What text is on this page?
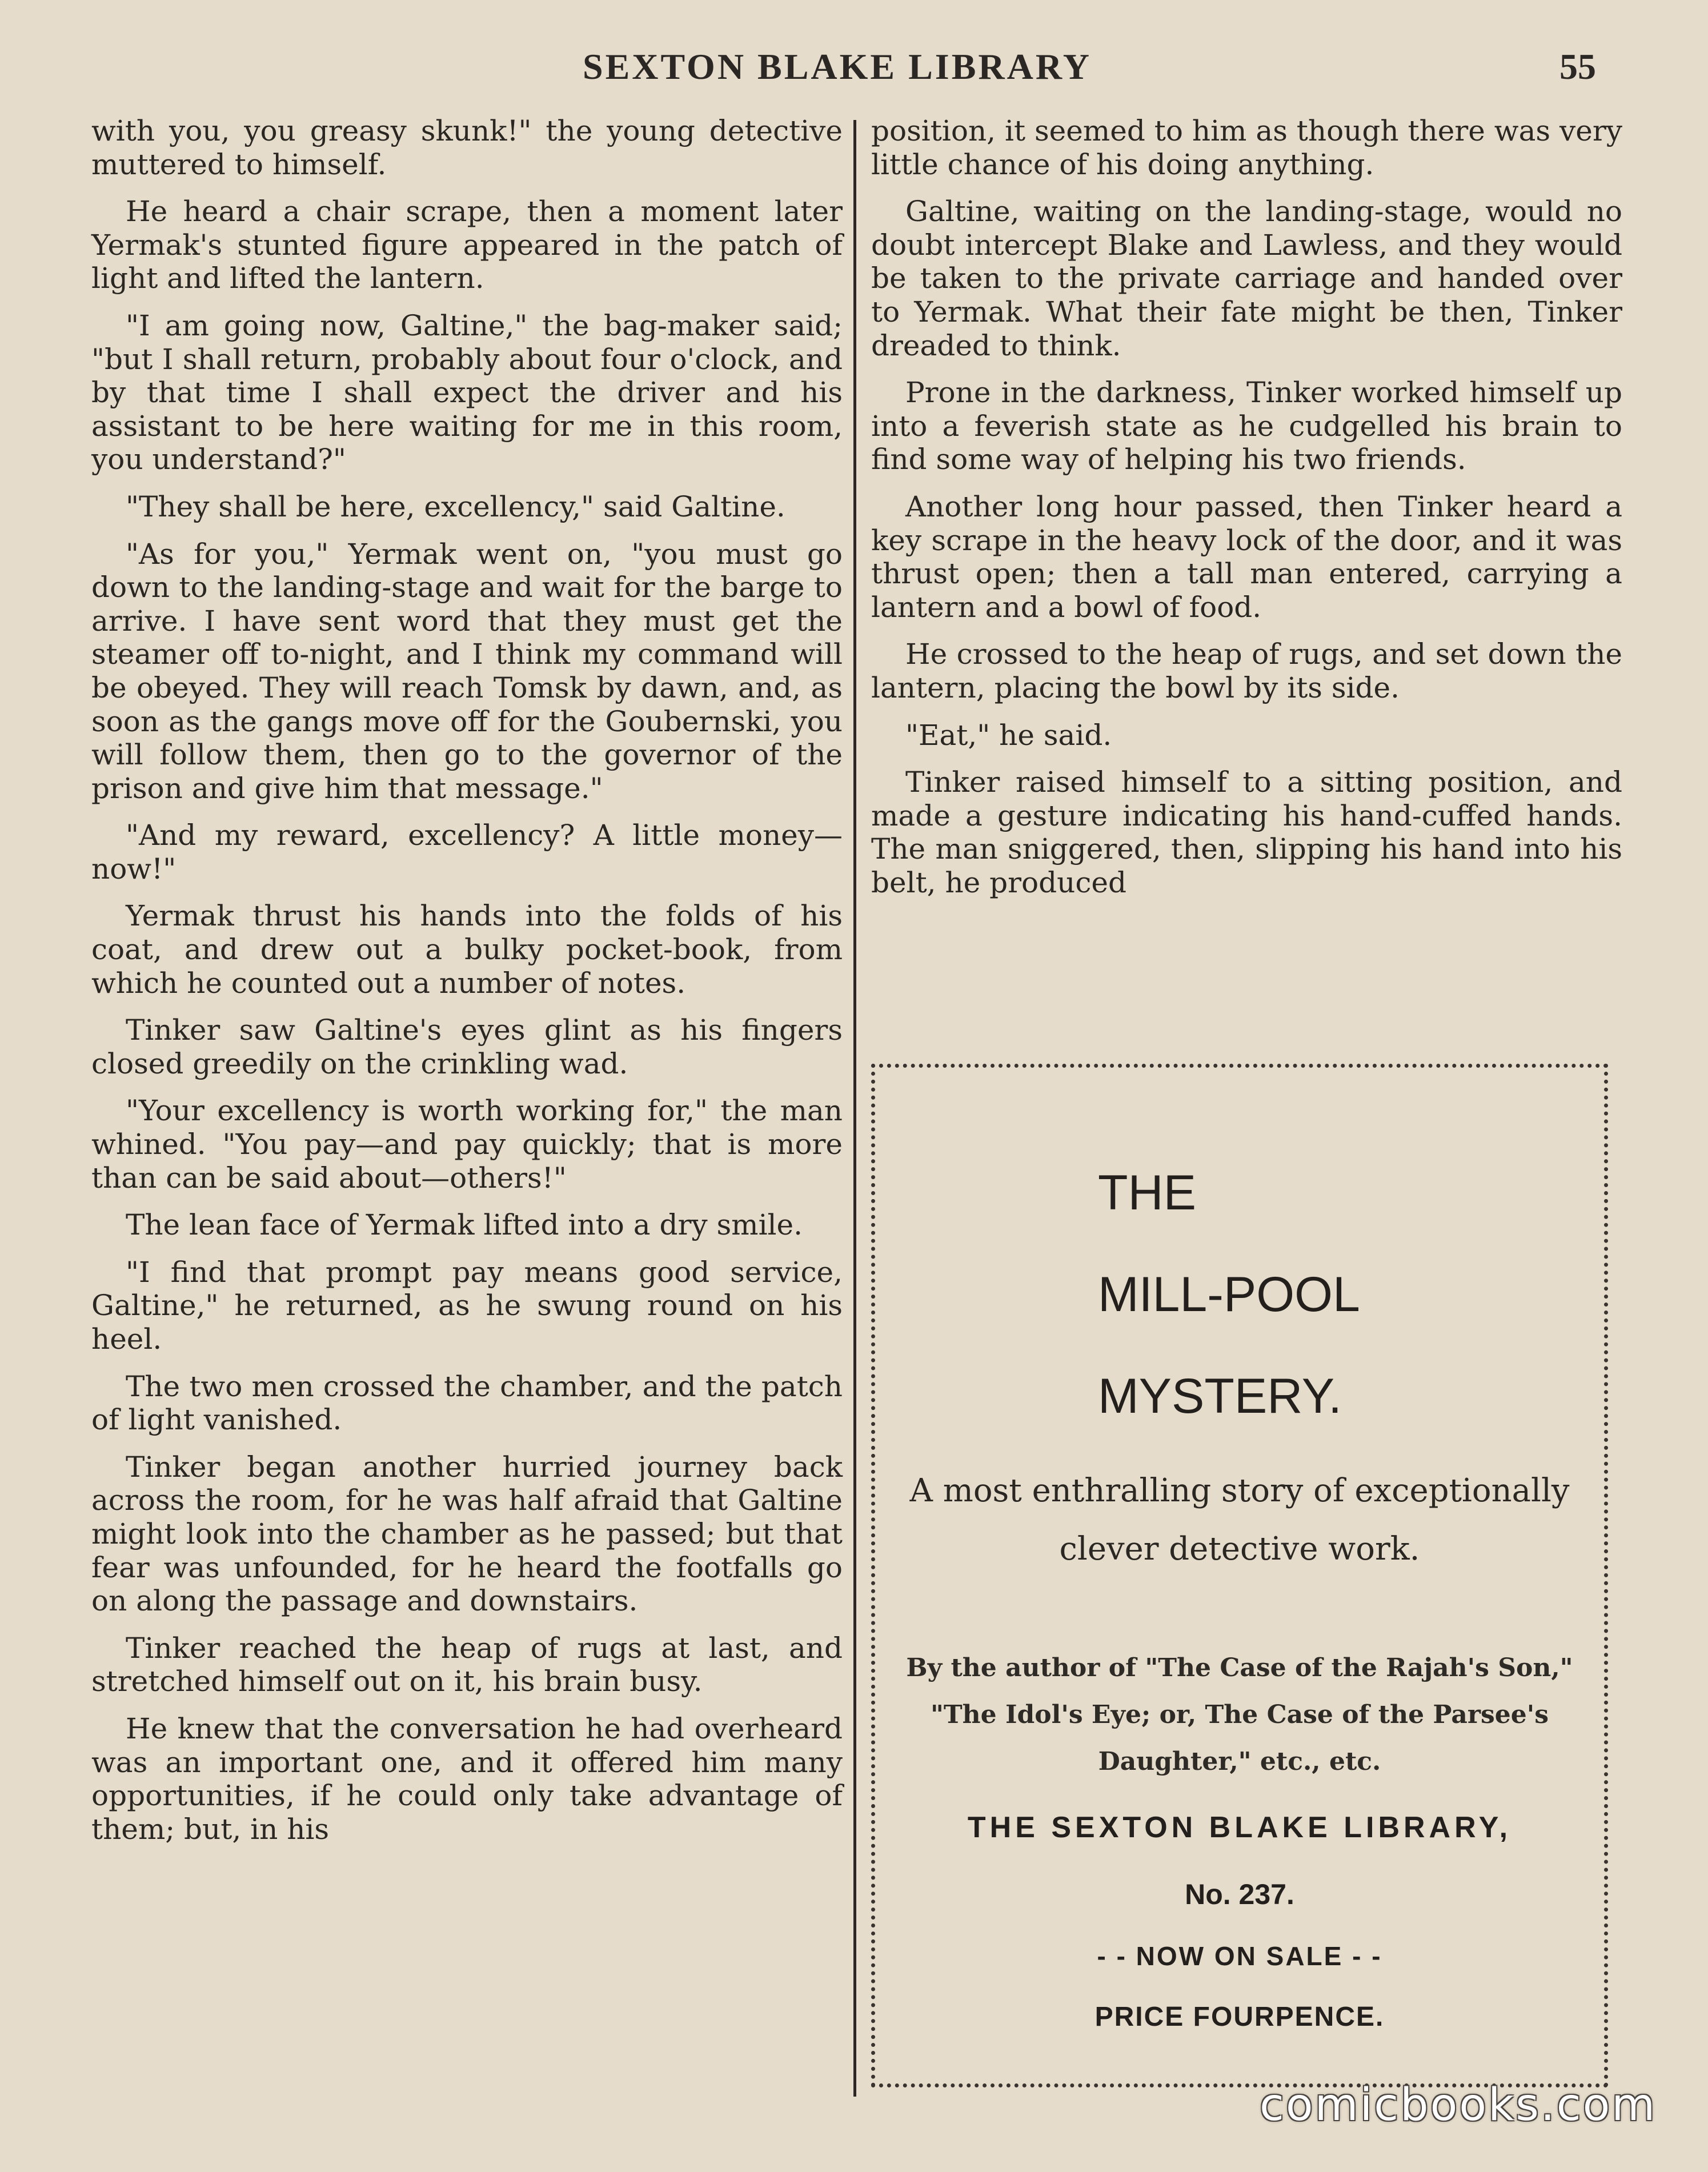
SEXTON BLAKE LIBRARY	55

with you, you greasy skunk!" the young detective muttered to himself.

He heard a chair scrape, then a moment later Yermak's stunted figure appeared in the patch of light and lifted the lantern.

"I am going now, Galtine," the bag-maker said; "but I shall return, probably about four o'clock, and by that time I shall expect the driver and his assistant to be here waiting for me in this room, you understand?"

"They shall be here, excellency," said Galtine.

"As for you," Yermak went on, "you must go down to the landing-stage and wait for the barge to arrive. I have sent word that they must get the steamer off to-night, and I think my command will be obeyed. They will reach Tomsk by dawn, and, as soon as the gangs move off for the Goubernski, you will follow them, then go to the governor of the prison and give him that message."

"And my reward, excellency? A little money—now!"

Yermak thrust his hands into the folds of his coat, and drew out a bulky pocket-book, from which he counted out a number of notes.

Tinker saw Galtine's eyes glint as his fingers closed greedily on the crinkling wad.

"Your excellency is worth working for," the man whined. "You pay—and pay quickly; that is more than can be said about—others!"

The lean face of Yermak lifted into a dry smile.

"I find that prompt pay means good service, Galtine," he returned, as he swung round on his heel.

The two men crossed the chamber, and the patch of light vanished.

Tinker began another hurried journey back across the room, for he was half afraid that Galtine might look into the chamber as he passed; but that fear was unfounded, for he heard the footfalls go on along the passage and downstairs.

Tinker reached the heap of rugs at last, and stretched himself out on it, his brain busy.

He knew that the conversation he had overheard was an important one, and it offered him many opportunities, if he could only take advantage of them; but, in his

position, it seemed to him as though there was very little chance of his doing anything.

Galtine, waiting on the landing-stage, would no doubt intercept Blake and Lawless, and they would be taken to the private carriage and handed over to Yermak. What their fate might be then, Tinker dreaded to think.

Prone in the darkness, Tinker worked himself up into a feverish state as he cudgelled his brain to find some way of helping his two friends.

Another long hour passed, then Tinker heard a key scrape in the heavy lock of the door, and it was thrust open; then a tall man entered, carrying a lantern and a bowl of food.

He crossed to the heap of rugs, and set down the lantern, placing the bowl by its side.

"Eat," he said.

Tinker raised himself to a sitting position, and made a gesture indicating his hand-cuffed hands. The man sniggered, then, slipping his hand into his belt, he produced

THE
MILL-POOL
MYSTERY.
A most enthralling story of exceptionally clever detective work.
By the author of "The Case of the Rajah's Son," "The Idol's Eye; or, The Case of the Parsee's Daughter," etc., etc.
THE SEXTON BLAKE LIBRARY,
No. 237.
- - NOW ON SALE - -
PRICE FOURPENCE.
comicbooks.com
